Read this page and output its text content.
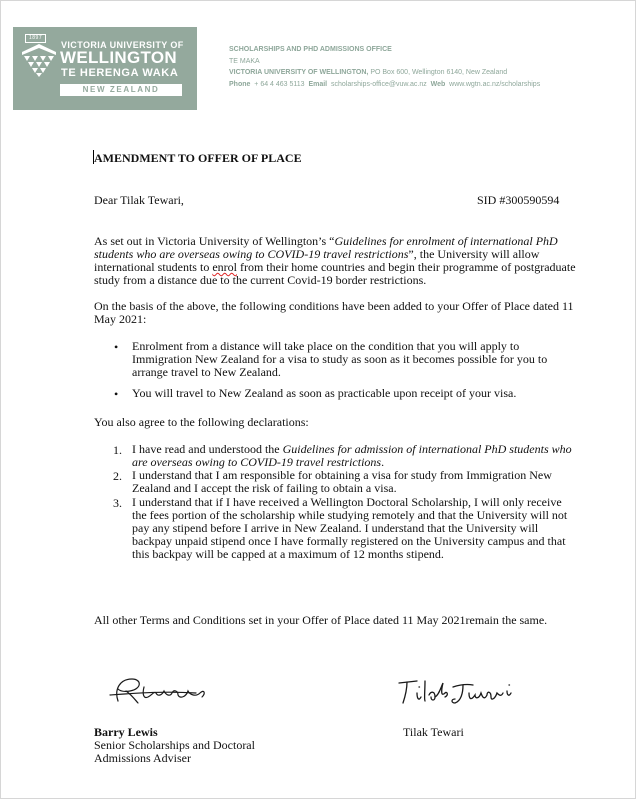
1897
VICTORIA UNIVERSITY OF
WELLINGTON
TE HERENGA WAKA
NEW ZEALAND
SCHOLARSHIPS AND PHD ADMISSIONS OFFICE
TE MAKA
VICTORIA UNIVERSITY OF WELLINGTON, PO Box 600, Wellington 6140, New Zealand
Phone + 64 4 463 5113 Email scholarships-office@vuw.ac.nz Web www.wgtn.ac.nz/scholarships
AMENDMENT TO OFFER OF PLACE
Dear Tilak Tewari,	SID #300590594
As set out in Victoria University of Wellington’s “Guidelines for enrolment of international PhD
students who are overseas owing to COVID-19 travel restrictions”, the University will allow
international students to enrol from their home countries and begin their programme of postgraduate
study from a distance due to the current Covid-19 border restrictions.
On the basis of the above, the following conditions have been added to your Offer of Place dated 11
May 2021:
• Enrolment from a distance will take place on the condition that you will apply to
Immigration New Zealand for a visa to study as soon as it becomes possible for you to
arrange travel to New Zealand.
• You will travel to New Zealand as soon as practicable upon receipt of your visa.
You also agree to the following declarations:
1. I have read and understood the Guidelines for admission of international PhD students who
are overseas owing to COVID-19 travel restrictions.
2. I understand that I am responsible for obtaining a visa for study from Immigration New
Zealand and I accept the risk of failing to obtain a visa.
3. I understand that if I have received a Wellington Doctoral Scholarship, I will only receive
the fees portion of the scholarship while studying remotely and that the University will not
pay any stipend before I arrive in New Zealand. I understand that the University will
backpay unpaid stipend once I have formally registered on the University campus and that
this backpay will be capped at a maximum of 12 months stipend.
All other Terms and Conditions set in your Offer of Place dated 11 May 2021remain the same.
Barry Lewis
Senior Scholarships and Doctoral
Admissions Adviser
Tilak Tewari
